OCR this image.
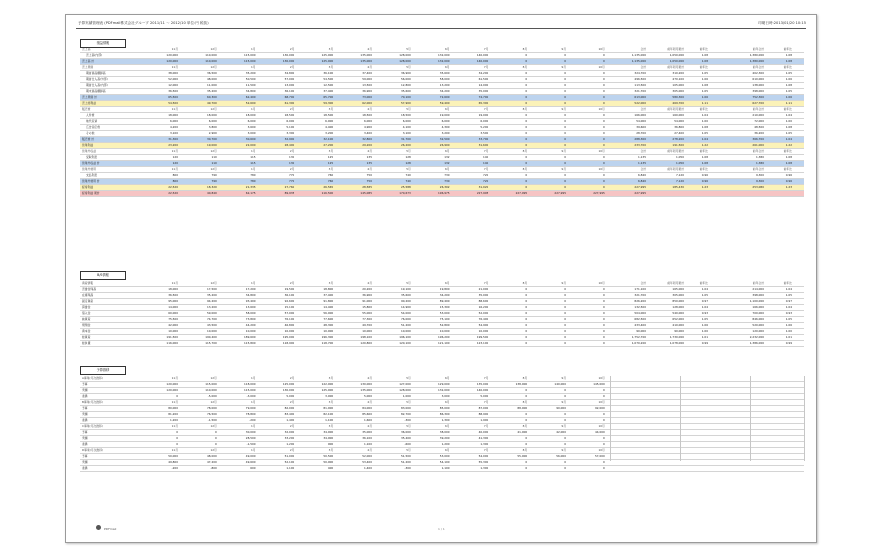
予算実績管理表 (PDFmail株式会社グループ 2011/11 ～ 2012/10 単位:円 税抜)	印刷日時:2013/01/20 10:15
損益情報
売上高	11月	12月	1月	2月	3月	4月	5月	6月	7月	8月	9月	10月	合計	前年同月累計	前年比	前年合計	前年比
売上高(内部)	120,000	110,000	115,000	130,000	125,000	135,000	128,000	132,000	140,000	0	0	0	1,135,000	1,050,000	1.08	1,380,000	1.08
売上高 計	120,000	110,000	115,000	130,000	125,000	135,000	128,000	132,000	140,000	0	0	0	1,135,000	1,050,000	1.08	1,380,000	1.08
売上原価	11月	12月	1月	2月	3月	4月	5月	6月	7月	8月	9月	10月	合計	前年同月累計	前年比	前年合計	前年比
期首商品棚卸高	38,000	36,500	35,200	34,800	36,100	37,400	36,900	35,600	34,200	0	0	0	324,700	310,200	1.05	402,300	1.05
期首仕入高(外部)	52,000	48,000	50,500	57,000	54,500	59,000	56,000	58,000	61,500	0	0	0	496,500	470,100	1.06	610,000	1.06
期首仕入高(内部)	12,000	11,000	11,500	13,000	12,500	13,500	12,800	13,200	14,000	0	0	0	113,500	105,000	1.08	138,000	1.08
期末商品棚卸高	36,500	35,200	34,800	36,100	37,400	36,900	35,600	34,200	35,000	0	0	0	321,700	305,000	1.05	398,000	1.05
売上原価 計	65,500	60,300	62,400	68,700	65,700	73,000	70,100	72,600	74,700	0	0	0	613,000	580,300	1.06	752,300	1.06
売上総利益	54,500	49,700	52,600	61,300	59,300	62,000	57,900	59,400	65,300	0	0	0	522,000	469,700	1.11	627,700	1.11
販売費	11月	12月	1月	2月	3月	4月	5月	6月	7月	8月	9月	10月	合計	前年同月累計	前年比	前年合計	前年比
人件費	18,000	18,000	18,000	18,500	18,500	18,500	18,500	19,000	19,000	0	0	0	166,000	160,000	1.04	210,000	1.04
地代家賃	6,000	6,000	6,000	6,000	6,000	6,000	6,000	6,000	6,000	0	0	0	54,000	54,000	1.00	72,000	1.00
広告宣伝費	4,200	3,800	3,600	5,100	4,400	4,900	4,100	4,300	5,200	0	0	0	39,600	36,800	1.08	48,500	1.08
その他	3,100	2,900	3,000	3,300	3,200	3,400	3,100	3,200	3,500	0	0	0	28,700	27,400	1.05	36,200	1.05
販売費 計	31,300	30,700	30,600	32,900	32,100	32,800	31,700	32,500	33,700	0	0	0	288,300	278,200	1.04	366,700	1.04
営業利益	23,200	19,000	22,000	28,400	27,200	29,200	26,200	26,900	31,600	0	0	0	233,700	191,500	1.22	261,000	1.22
営業外収益	11月	12月	1月	2月	3月	4月	5月	6月	7月	8月	9月	10月	合計	前年同月累計	前年比	前年合計	前年比
受取利息	120	110	115	130	125	135	128	132	140	0	0	0	1,135	1,050	1.08	1,380	1.08
営業外収益 計	120	110	115	130	125	135	128	132	140	0	0	0	1,135	1,050	1.08	1,380	1.08
営業外費用	11月	12月	1月	2月	3月	4月	5月	6月	7月	8月	9月	10月	合計	前年同月累計	前年比	前年合計	前年比
支払利息	800	790	780	770	760	750	740	730	720	0	0	0	6,840	7,120	0.96	9,300	0.96
営業外費用 計	800	790	780	770	760	750	740	730	720	0	0	0	6,840	7,120	0.96	9,300	0.96
経常利益	22,520	18,320	21,335	27,760	26,565	28,585	25,588	26,302	31,020	0	0	0	227,995	185,430	1.23	253,080	1.23
経常利益 累計	22,520	40,840	62,175	89,935	116,500	145,085	170,673	196,975	227,995	227,995	227,995	227,995	227,995
B/S情報
資産情報	11月	12月	1月	2月	3月	4月	5月	6月	7月	8月	9月	10月	合計	前年同月累計	前年比	前年合計	前年比
売掛金残高	18,000	17,500	17,200	19,500	18,800	20,200	19,100	19,800	21,000	0	0	0	171,100	165,000	1.04	214,000	1.04
在庫残高	36,500	35,200	34,800	36,100	37,400	36,900	35,600	34,200	35,000	0	0	0	321,700	305,000	1.05	398,000	1.05
固定資産	95,000	94,200	93,400	92,600	91,800	91,000	90,200	89,400	88,600	0	0	0	826,200	850,000	0.97	1,100,000	0.97
買掛金	14,000	13,200	13,600	15,100	14,400	15,800	14,900	15,300	16,200	0	0	0	132,500	128,000	1.04	166,000	1.04
借入金	60,000	59,000	58,000	57,000	56,000	55,000	54,000	53,000	52,000	0	0	0	504,000	540,000	0.93	700,000	0.93
純資産	75,500	74,700	73,800	76,100	77,600	77,300	76,000	75,100	76,400	0	0	0	682,500	652,000	1.05	846,000	1.05
現預金	42,000	43,500	44,200	46,800	48,300	49,700	51,200	52,800	54,900	0	0	0	433,400	410,000	1.06	520,000	1.06
資本金	10,000	10,000	10,000	10,000	10,000	10,000	10,000	10,000	10,000	0	0	0	90,000	90,000	1.00	120,000	1.00
総資産	191,500	190,400	189,600	195,000	196,300	198,100	196,100	196,200	199,500	0	0	0	1,752,700	1,730,000	1.01	2,232,000	1.01
総負債	116,000	115,700	115,800	118,900	118,700	120,800	120,100	121,100	123,100	0	0	0	1,070,200	1,078,000	0.99	1,386,000	0.99
予算推移
A事業(月次推移)	11月	12月	1月	2月	3月	4月	5月	6月	7月	8月	9月	10月
予算	120,000	115,000	118,000	125,000	122,000	130,000	127,000	129,000	135,000	138,000	140,000	145,000
実績	120,000	110,000	115,000	130,000	125,000	135,000	128,000	132,000	140,000	0	0	0
差異	0	-5,000	-3,000	5,000	3,000	5,000	1,000	3,000	5,000	0	0	0
B事業(月次推移)	11月	12月	1月	2月	3月	4月	5月	6月	7月	8月	9月	10月
予算	80,000	78,000	79,000	82,000	81,000	84,000	83,000	85,000	87,000	88,000	90,000	92,000
実績	81,200	76,500	78,800	83,400	82,100	85,600	82,700	86,300	88,900	0	0	0
差異	1,200	-1,500	-200	1,400	1,100	1,600	-300	1,300	1,900	0	0	0
C事業(月次推移)	11月	12月	1月	2月	3月	4月	5月	6月	7月	8月	9月	10月
予算	0	0	30,000	32,000	34,000	35,000	36,000	38,000	40,000	41,000	42,000	44,000
実績	0	0	28,500	33,200	34,900	36,100	35,400	39,200	41,300	0	0	0
差異	0	0	-1,500	1,200	900	1,100	-600	1,200	1,300	0	0	0
D事業(月次推移)	11月	12月	1月	2月	3月	4月	5月	6月	7月	8月	9月	10月
予算	50,000	48,000	49,000	51,000	50,500	52,000	51,500	53,000	54,000	55,000	56,000	57,000
実績	49,800	47,200	49,600	52,100	50,900	53,400	51,200	54,100	55,300	0	0	0
差異	-200	-800	600	1,100	400	1,400	-300	1,100	1,300	0	0	0
PDFmail	1 / 1
